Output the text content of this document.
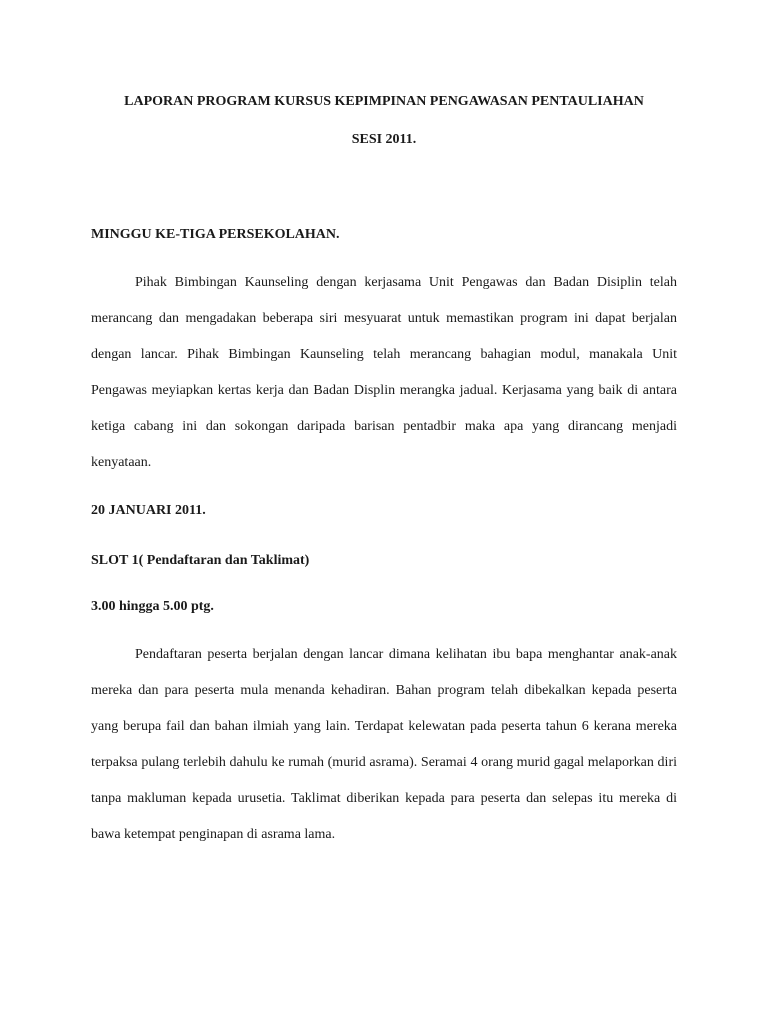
LAPORAN PROGRAM KURSUS KEPIMPINAN PENGAWASAN PENTAULIAHAN

SESI 2011.

MINGGU KE-TIGA PERSEKOLAHAN.

Pihak Bimbingan Kaunseling dengan kerjasama Unit Pengawas dan Badan Disiplin telah merancang dan mengadakan beberapa siri mesyuarat untuk memastikan program ini dapat berjalan dengan lancar. Pihak Bimbingan Kaunseling telah merancang bahagian modul, manakala Unit Pengawas meyiapkan kertas kerja dan Badan Displin merangka jadual. Kerjasama yang baik di antara ketiga cabang ini dan sokongan daripada barisan pentadbir maka apa yang dirancang menjadi kenyataan.

20 JANUARI 2011.

SLOT 1( Pendaftaran dan Taklimat)

3.00 hingga 5.00 ptg.

Pendaftaran peserta berjalan dengan lancar dimana kelihatan ibu bapa menghantar anak-anak mereka dan para peserta mula menanda kehadiran. Bahan program telah dibekalkan kepada peserta yang berupa fail dan bahan ilmiah yang lain. Terdapat kelewatan pada peserta tahun 6 kerana mereka terpaksa pulang terlebih dahulu ke rumah (murid asrama). Seramai 4 orang murid gagal melaporkan diri tanpa makluman kepada urusetia. Taklimat diberikan kepada para peserta dan selepas itu mereka di bawa ketempat penginapan di asrama lama.
